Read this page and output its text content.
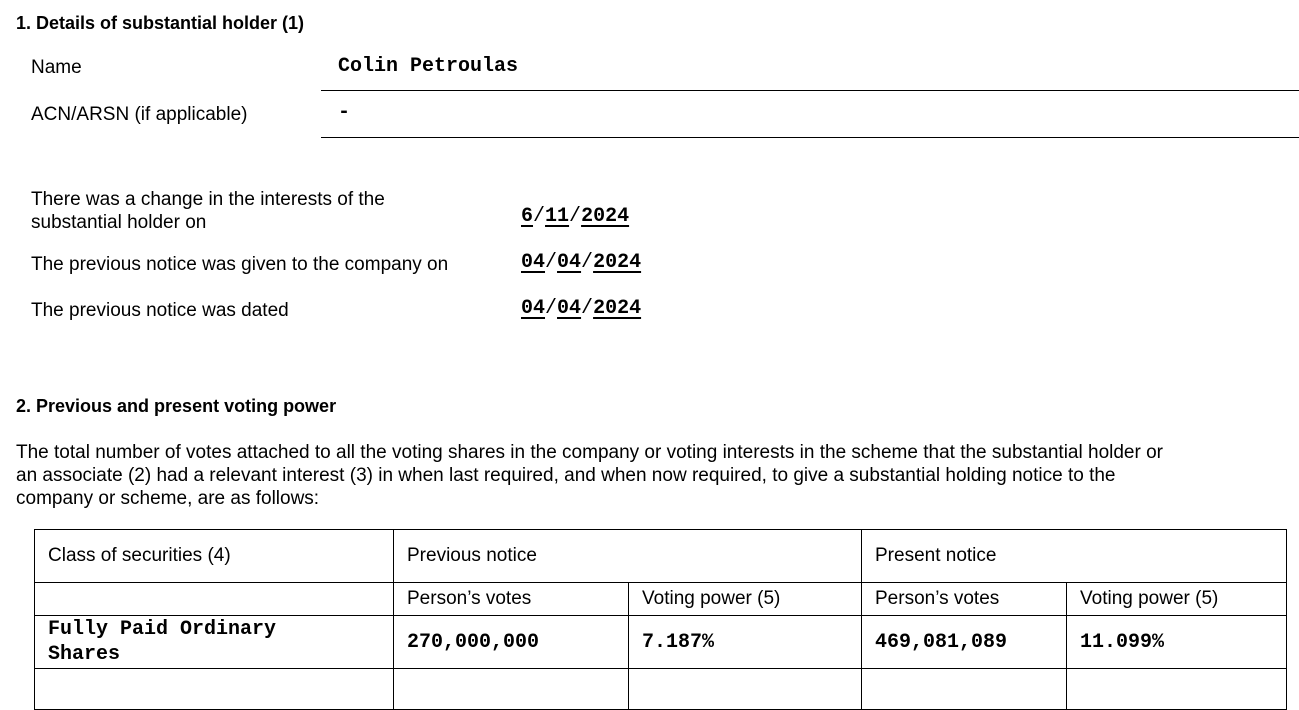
1. Details of substantial holder (1)
Name	Colin Petroulas
ACN/ARSN (if applicable)	-
There was a change in the interests of the
substantial holder on	6/11/2024
The previous notice was given to the company on	04/04/2024
The previous notice was dated	04/04/2024
2. Previous and present voting power
The total number of votes attached to all the voting shares in the company or voting interests in the scheme that the substantial holder or
an associate (2) had a relevant interest (3) in when last required, and when now required, to give a substantial holding notice to the
company or scheme, are as follows:
Class of securities (4)	Previous notice		Present notice	
	Person’s votes	Voting power (5)	Person’s votes	Voting power (5)

Fully Paid Ordinary
Shares	270,000,000	7.187%	469,081,089	11.099%
